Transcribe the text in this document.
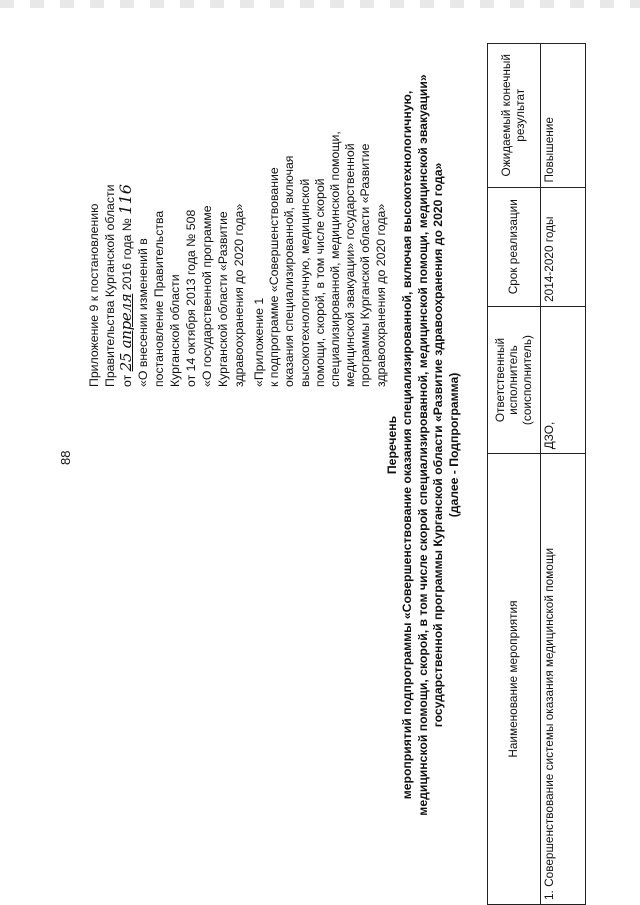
88
Приложение 9 к постановлению Правительства Курганской области от 25 апреля 2016 года № 116
«О внесении изменений в постановление Правительства Курганской области от 14 октября 2013 года № 508 «О государственной программе Курганской области «Развитие здравоохранения до 2020 года» «Приложение 1 к подпрограмме «Совершенствование оказания специализированной, включая высокотехнологичную, медицинской помощи, скорой, в том числе скорой специализированной, медицинской помощи, медицинской эвакуации» государственной программы Курганской области «Развитие здравоохранения до 2020 года»
Перечень мероприятий подпрограммы «Совершенствование оказания специализированной, включая высокотехнологичную, медицинской помощи, скорой, в том числе скорой специализированной, медицинской помощи, медицинской эвакуации» государственной программы Курганской области «Развитие здравоохранения до 2020 года» (далее - Подпрограмма)
Наименование мероприятия	Ответственный исполнитель (соисполнитель)	Срок реализации	Ожидаемый конечный результат
1. Совершенствование системы оказания медицинской помощи	ДЗО,	2014-2020 годы	Повышение
